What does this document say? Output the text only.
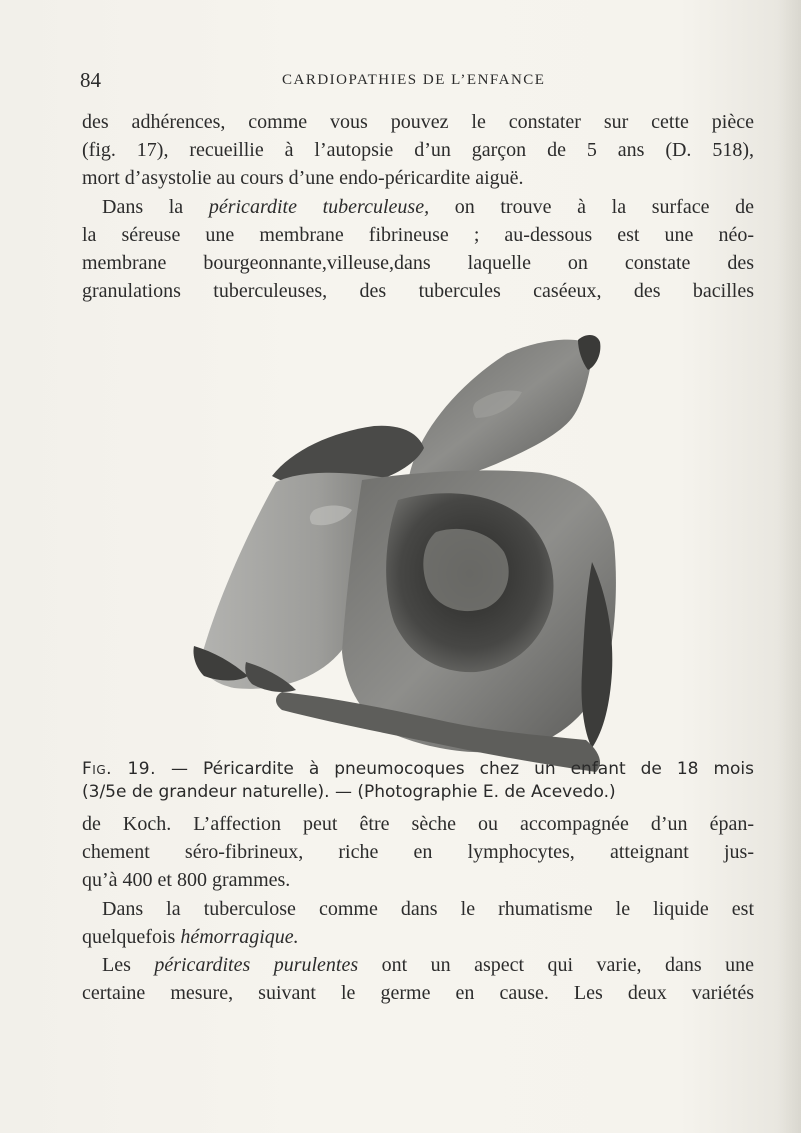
84	CARDIOPATHIES DE L’ENFANCE

des adhérences, comme vous pouvez le constater sur cette pièce
(fig. 17), recueillie à l’autopsie d’un garçon de 5 ans (D. 518),
mort d’asystolie au cours d’une endo-péricardite aiguë.

Dans la péricardite tuberculeuse, on trouve à la surface de
la séreuse une membrane fibrineuse ; au-dessous est une néo-
membrane bourgeonnante,villeuse,dans laquelle on constate des
granulations tuberculeuses, des tubercules caséeux, des bacilles

Fig. 19. — Péricardite à pneumocoques chez un enfant de 18 mois

(3/5e de grandeur naturelle). — (Photographie E. de Acevedo.)

de Koch. L’affection peut être sèche ou accompagnée d’un épan-
chement séro-fibrineux, riche en lymphocytes, atteignant jus-
qu’à 400 et 800 grammes.

Dans la tuberculose comme dans le rhumatisme le liquide est
quelquefois hémorragique.

Les péricardites purulentes ont un aspect qui varie, dans une
certaine mesure, suivant le germe en cause. Les deux variétés
